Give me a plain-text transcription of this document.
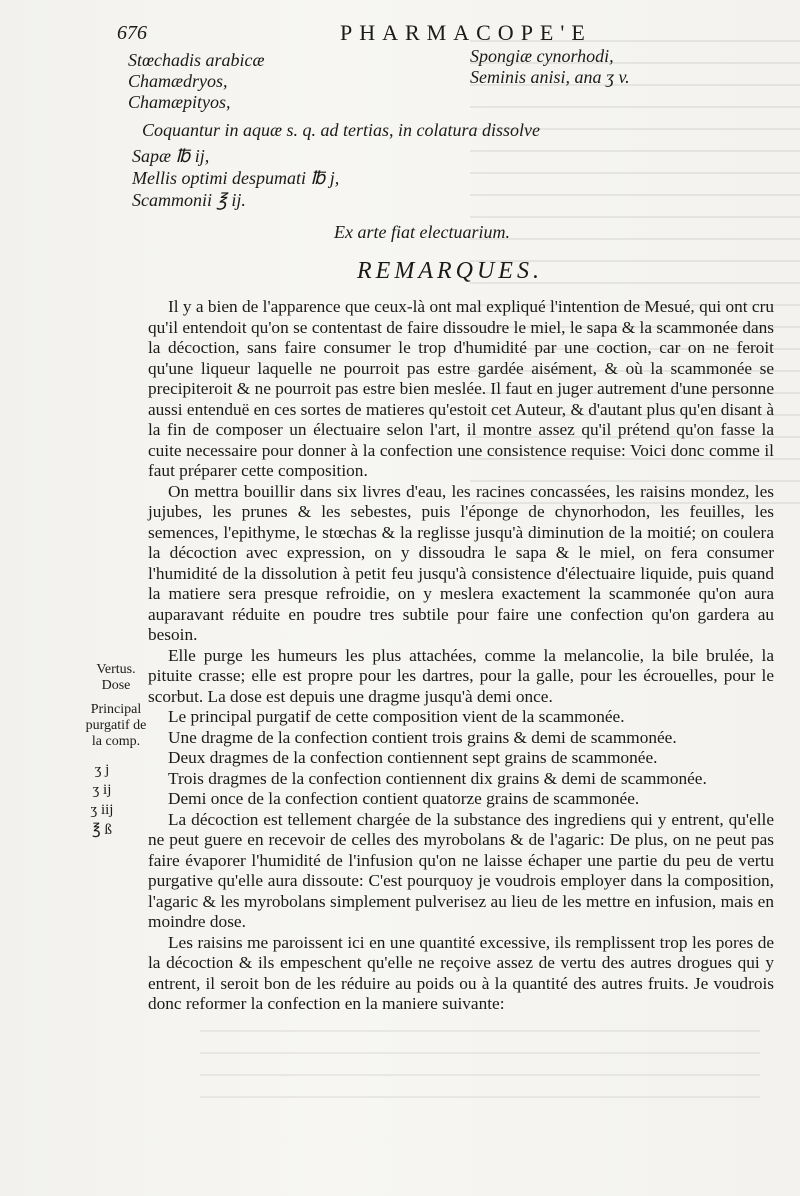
676	PHARMACOPE'E
Stœchadis arabicæ
Chamædryos,
Chamæpityos,
Spongiæ cynorhodi,
Seminis anisi, ana ʒ v.
Coquantur in aquæ s. q. ad tertias, in colatura dissolve
Sapæ ℔ ij,
Mellis optimi despumati ℔ j,
Scammonii ℥ ij.
Ex arte fiat electuarium.
REMARQUES.

Il y a bien de l'apparence que ceux-là ont mal expliqué l'intention de Mesué, qui ont cru qu'il entendoit qu'on se contentast de faire dissoudre le miel, le sapa & la scammonée dans la décoction, sans faire consumer le trop d'humidité par une coction, car on ne feroit qu'une liqueur laquelle ne pourroit pas estre gardée aisément, & où la scammonée se precipiteroit & ne pourroit pas estre bien meslée. Il faut en juger autrement d'une personne aussi entenduë en ces sortes de matieres qu'estoit cet Auteur, & d'autant plus qu'en disant à la fin de composer un électuaire selon l'art, il montre assez qu'il prétend qu'on fasse la cuite necessaire pour donner à la confection une consistence requise: Voici donc comme il faut préparer cette composition.

On mettra bouillir dans six livres d'eau, les racines concassées, les raisins mondez, les jujubes, les prunes & les sebestes, puis l'éponge de chynorhodon, les feuilles, les semences, l'epithyme, le stœchas & la reglisse jusqu'à diminution de la moitié; on coulera la décoction avec expression, on y dissoudra le sapa & le miel, on fera consumer l'humidité de la dissolution à petit feu jusqu'à consistence d'électuaire liquide, puis quand la matiere sera presque refroidie, on y meslera exactement la scammonée qu'on aura auparavant réduite en poudre tres subtile pour faire une confection qu'on gardera au besoin.

Elle purge les humeurs les plus attachées, comme la melancolie, la bile brulée, la pituite crasse; elle est propre pour les dartres, pour la galle, pour les écrouelles, pour le scorbut. La dose est depuis une dragme jusqu'à demi once.

Le principal purgatif de cette composition vient de la scammonée.

Une dragme de la confection contient trois grains & demi de scammonée.

Deux dragmes de la confection contiennent sept grains de scammonée.

Trois dragmes de la confection contiennent dix grains & demi de scammonée.

Demi once de la confection contient quatorze grains de scammonée.

La décoction est tellement chargée de la substance des ingrediens qui y entrent, qu'elle ne peut guere en recevoir de celles des myrobolans & de l'agaric: De plus, on ne peut pas faire évaporer l'humidité de l'infusion qu'on ne laisse échaper une partie du peu de vertu purgative qu'elle aura dissoute: C'est pourquoy je voudrois employer dans la composition, l'agaric & les myrobolans simplement pulverisez au lieu de les mettre en infusion, mais en moindre dose.

Les raisins me paroissent ici en une quantité excessive, ils remplissent trop les pores de la décoction & ils empeschent qu'elle ne reçoive assez de vertu des autres drogues qui y entrent, il seroit bon de les réduire au poids ou à la quantité des autres fruits. Je voudrois donc reformer la confection en la maniere suivante:

Vertus.
Dose
Principal purgatif de la comp.
ʒ j
ʒ ij
ʒ iij
℥ ß
